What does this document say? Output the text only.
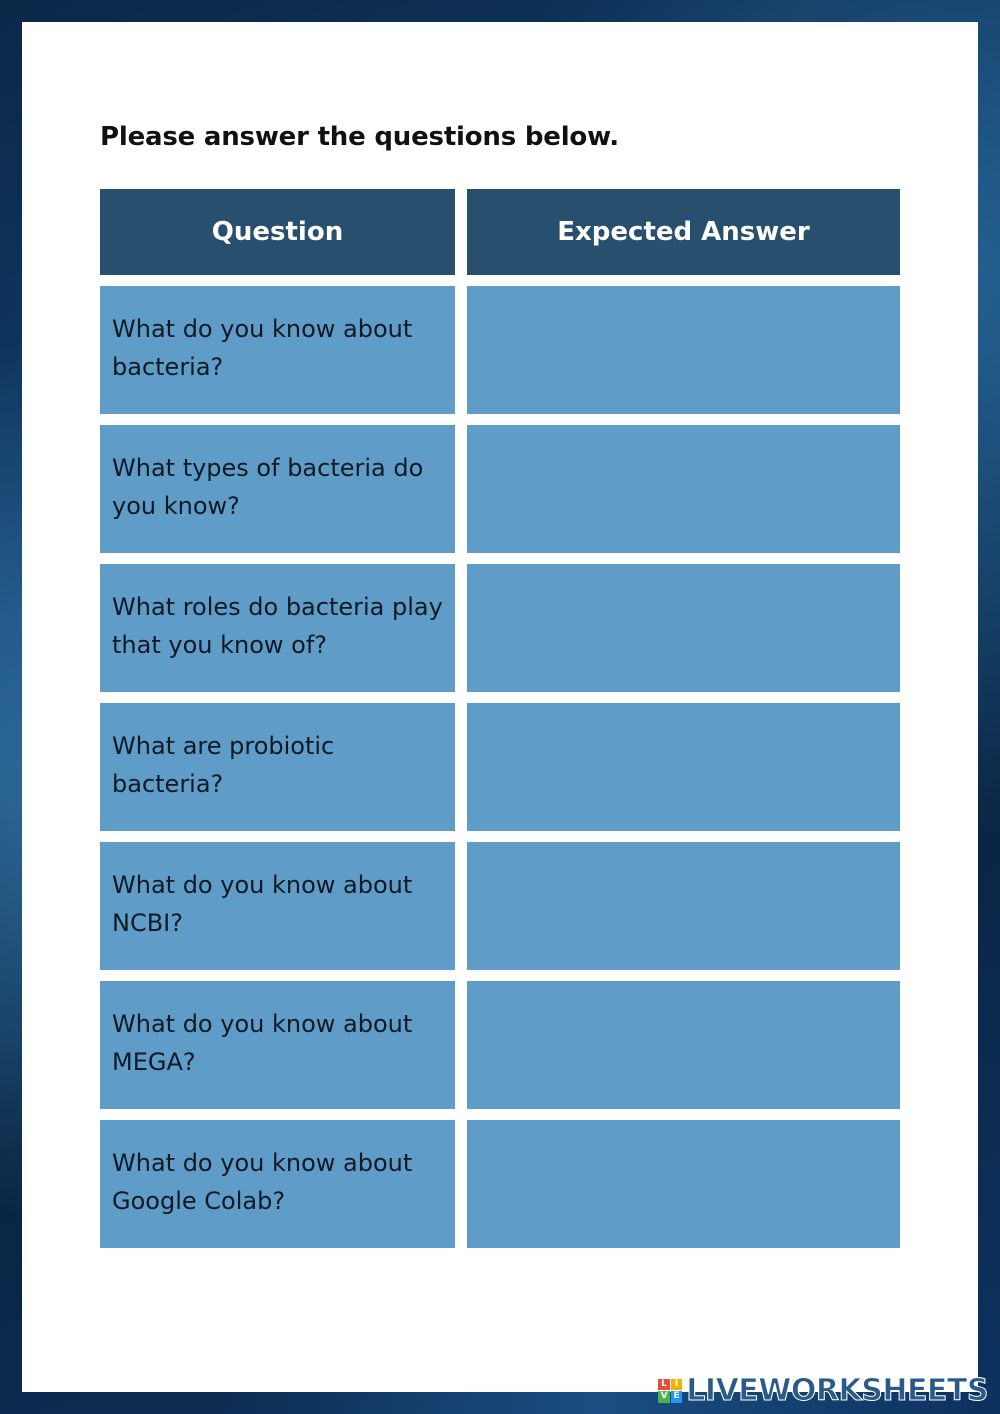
Please answer the questions below.
Question	Expected Answer
What do you know about bacteria?
What types of bacteria do you know?
What roles do bacteria play that you know of?
What are probiotic bacteria?
What do you know about NCBI?
What do you know about MEGA?
What do you know about Google Colab?
L I
V E LIVEWORKSHEETS
